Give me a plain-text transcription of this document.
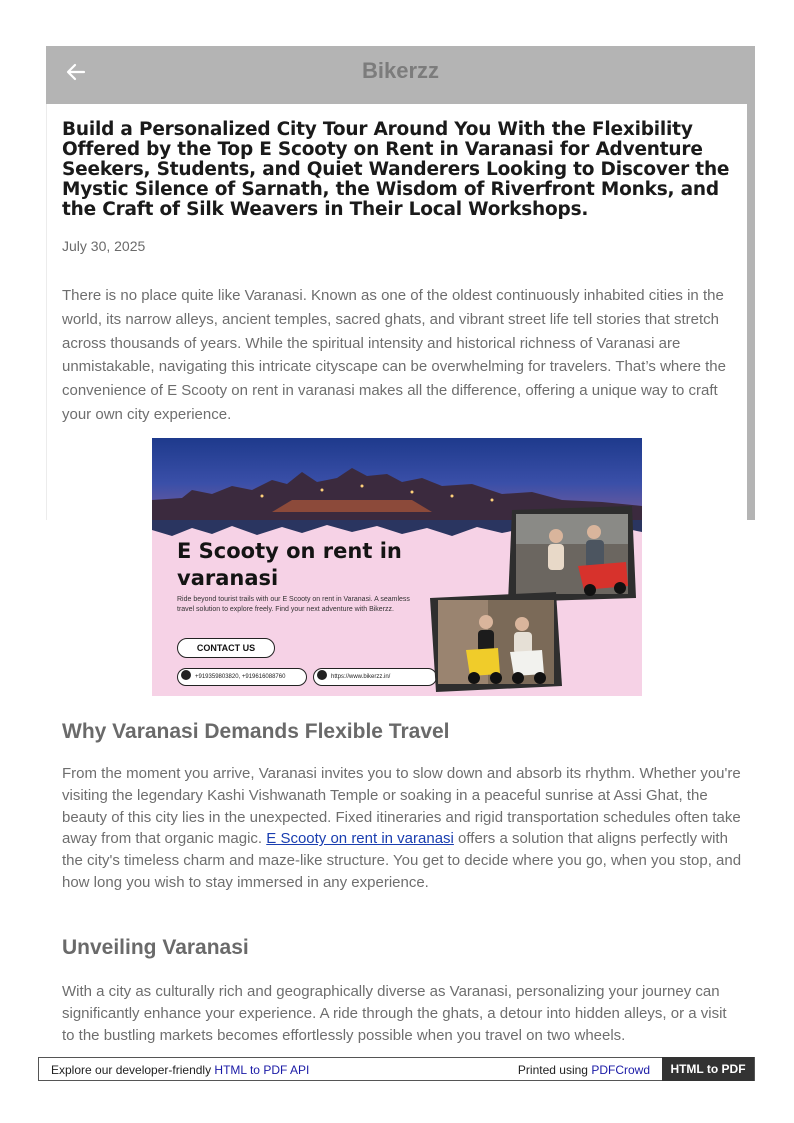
Bikerzz
Build a Personalized City Tour Around You With the Flexibility Offered by the Top E Scooty on Rent in Varanasi for Adventure Seekers, Students, and Quiet Wanderers Looking to Discover the Mystic Silence of Sarnath, the Wisdom of Riverfront Monks, and the Craft of Silk Weavers in Their Local Workshops.
July 30, 2025

There is no place quite like Varanasi. Known as one of the oldest continuously inhabited cities in the world, its narrow alleys, ancient temples, sacred ghats, and vibrant street life tell stories that stretch across thousands of years. While the spiritual intensity and historical richness of Varanasi are unmistakable, navigating this intricate cityscape can be overwhelming for travelers. That’s where the convenience of E Scooty on rent in varanasi makes all the difference, offering a unique way to craft your own city experience.

E Scooty on rent in
varanasi

Ride beyond tourist trails with our E Scooty on rent in Varanasi. A seamless travel solution to explore freely. Find your next adventure with Bikerzz.

CONTACT US
+919359803820, +919616088760	https://www.bikerzz.in/
Why Varanasi Demands Flexible Travel

From the moment you arrive, Varanasi invites you to slow down and absorb its rhythm. Whether you're visiting the legendary Kashi Vishwanath Temple or soaking in a peaceful sunrise at Assi Ghat, the beauty of this city lies in the unexpected. Fixed itineraries and rigid transportation schedules often take away from that organic magic. E Scooty on rent in varanasi offers a solution that aligns perfectly with the city's timeless charm and maze-like structure. You get to decide where you go, when you stop, and how long you wish to stay immersed in any experience.

Unveiling Varanasi

With a city as culturally rich and geographically diverse as Varanasi, personalizing your journey can significantly enhance your experience. A ride through the ghats, a detour into hidden alleys, or a visit to the bustling markets becomes effortlessly possible when you travel on two wheels.

Explore our developer-friendly HTML to PDF API	Printed using PDFCrowd	HTML to PDF
